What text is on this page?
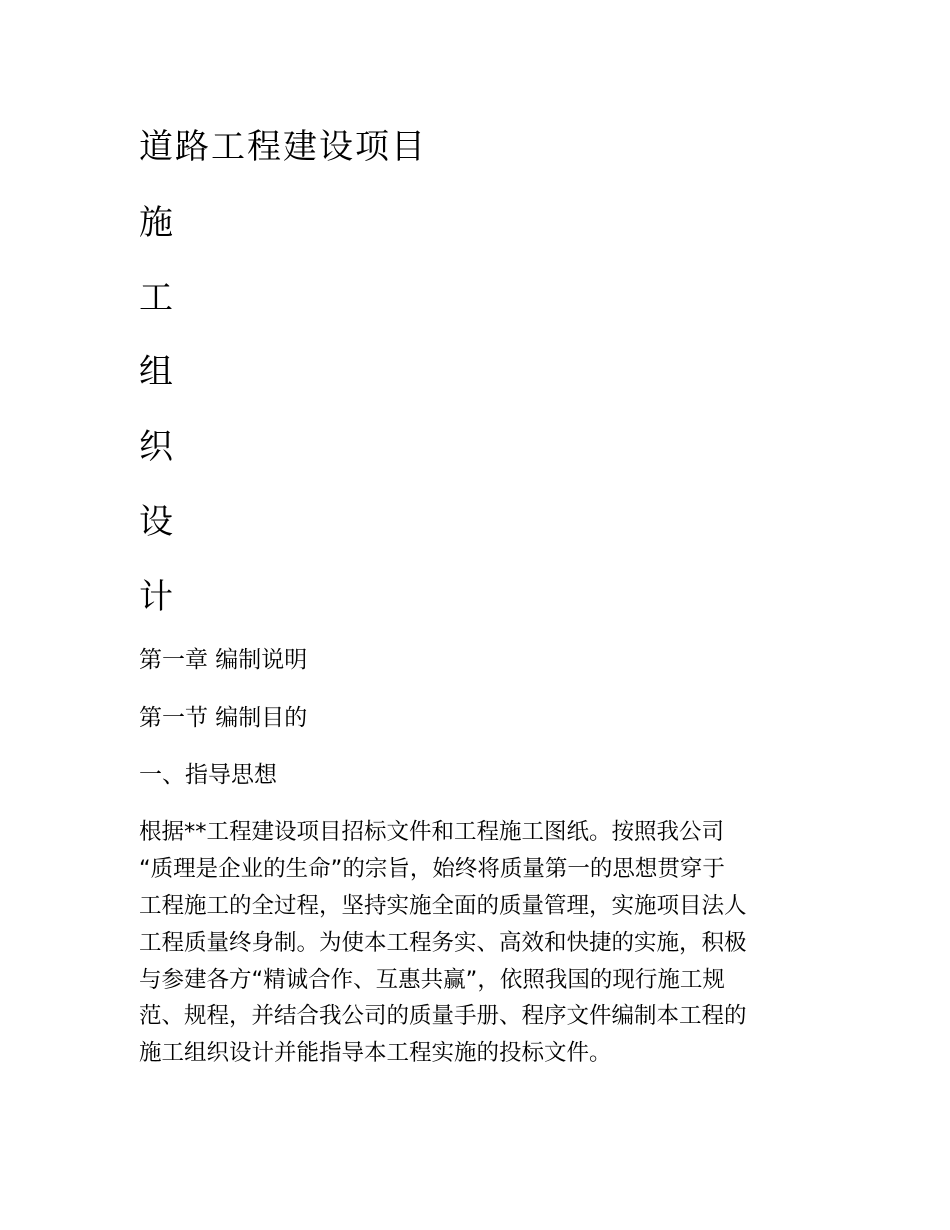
道路工程建设项目
施
工
组
织
设
计
第一章 编制说明
第一节 编制目的
一、指导思想
根据**工程建设项目招标文件和工程施工图纸。按照我公司
“质理是企业的生命”的宗旨，始终将质量第一的思想贯穿于
工程施工的全过程，坚持实施全面的质量管理，实施项目法人
工程质量终身制。为使本工程务实、高效和快捷的实施，积极
与参建各方“精诚合作、互惠共赢”，依照我国的现行施工规
范、规程，并结合我公司的质量手册、程序文件编制本工程的
施工组织设计并能指导本工程实施的投标文件。
